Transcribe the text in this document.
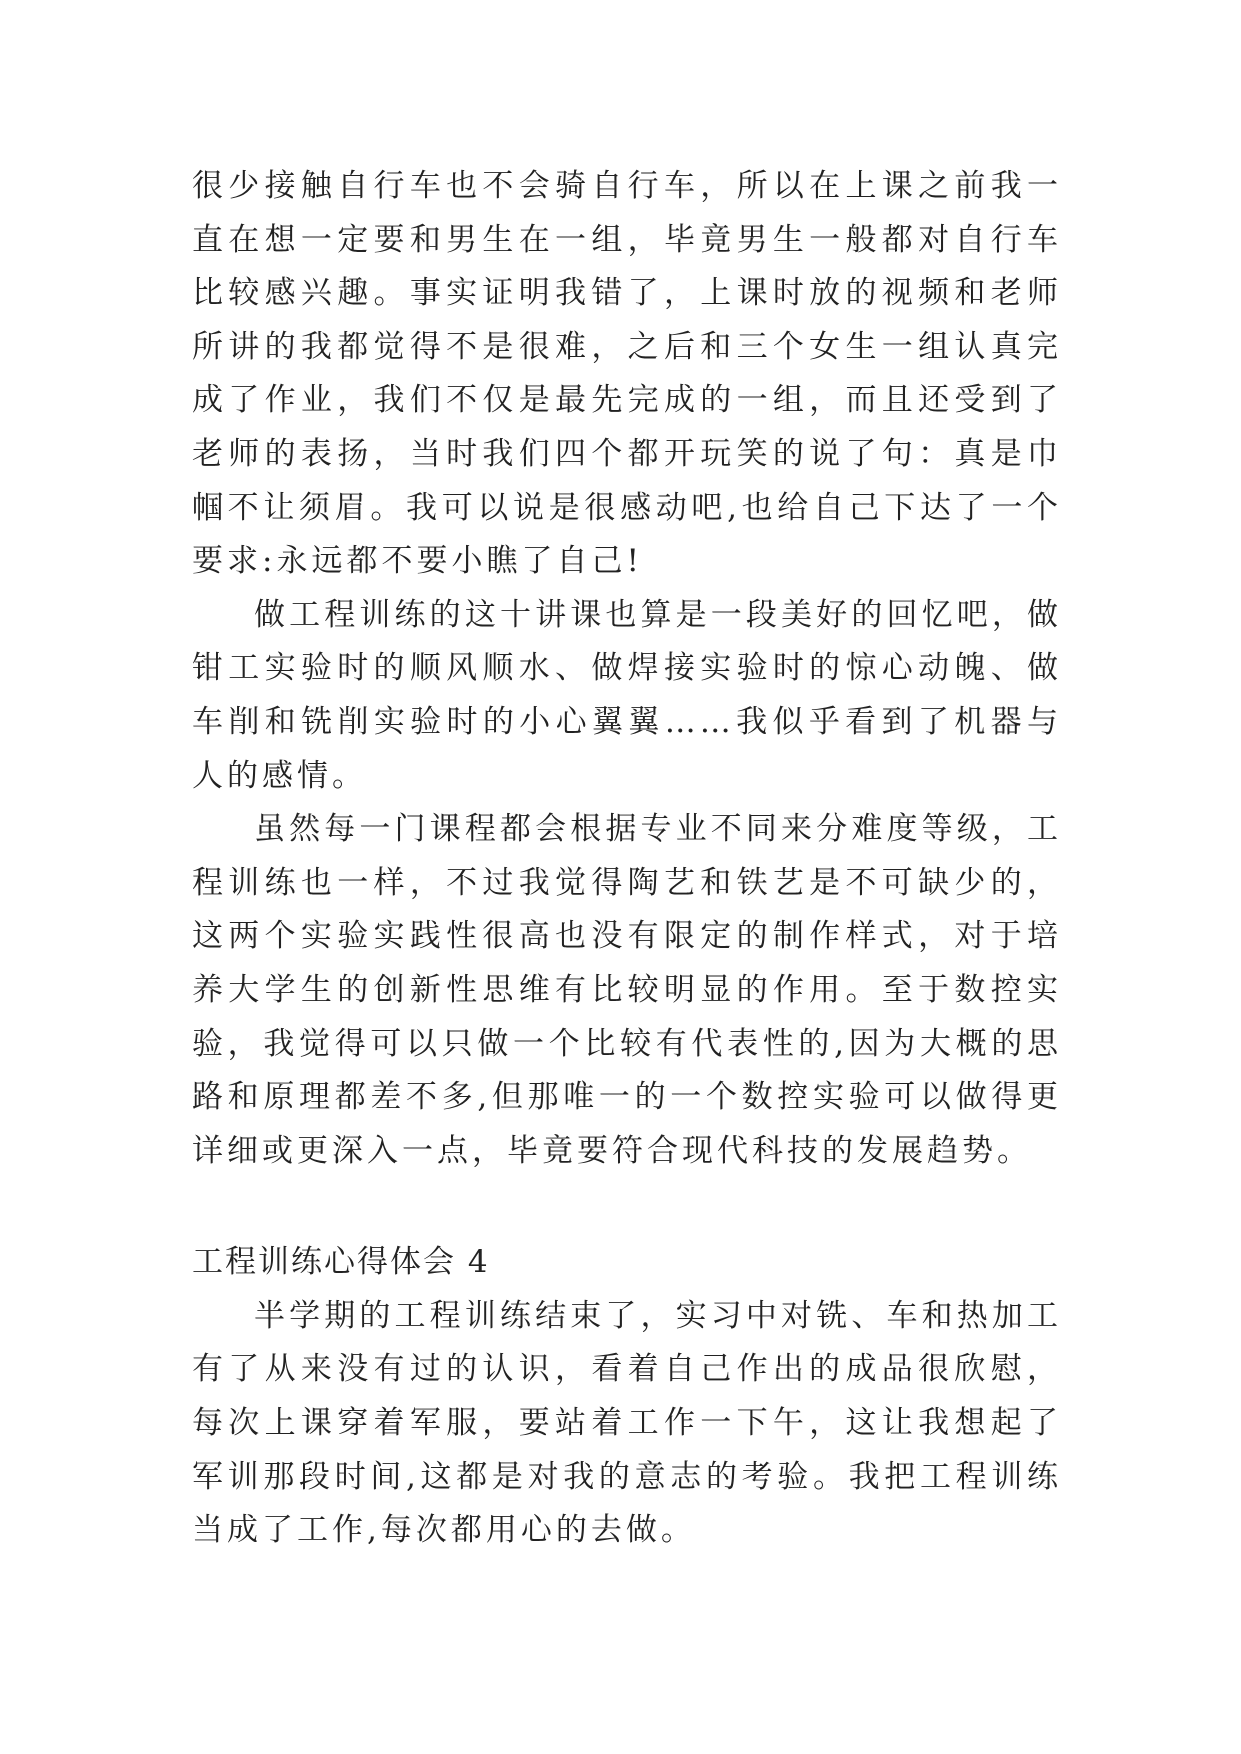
很少接触自行车也不会骑自行车，所以在上课之前我一直在想一定要和男生在一组，毕竟男生一般都对自行车比较感兴趣。事实证明我错了，上课时放的视频和老师所讲的我都觉得不是很难，之后和三个女生一组认真完成了作业，我们不仅是最先完成的一组，而且还受到了老师的表扬，当时我们四个都开玩笑的说了句：真是巾帼不让须眉。我可以说是很感动吧,也给自己下达了一个要求:永远都不要小瞧了自己!

做工程训练的这十讲课也算是一段美好的回忆吧，做钳工实验时的顺风顺水、做焊接实验时的惊心动魄、做车削和铣削实验时的小心翼翼……我似乎看到了机器与人的感情。

虽然每一门课程都会根据专业不同来分难度等级，工程训练也一样，不过我觉得陶艺和铁艺是不可缺少的，这两个实验实践性很高也没有限定的制作样式，对于培养大学生的创新性思维有比较明显的作用。至于数控实验，我觉得可以只做一个比较有代表性的,因为大概的思路和原理都差不多,但那唯一的一个数控实验可以做得更详细或更深入一点，毕竟要符合现代科技的发展趋势。

工程训练心得体会 4

半学期的工程训练结束了，实习中对铣、车和热加工有了从来没有过的认识，看着自己作出的成品很欣慰，每次上课穿着军服，要站着工作一下午，这让我想起了军训那段时间,这都是对我的意志的考验。我把工程训练当成了工作,每次都用心的去做。
